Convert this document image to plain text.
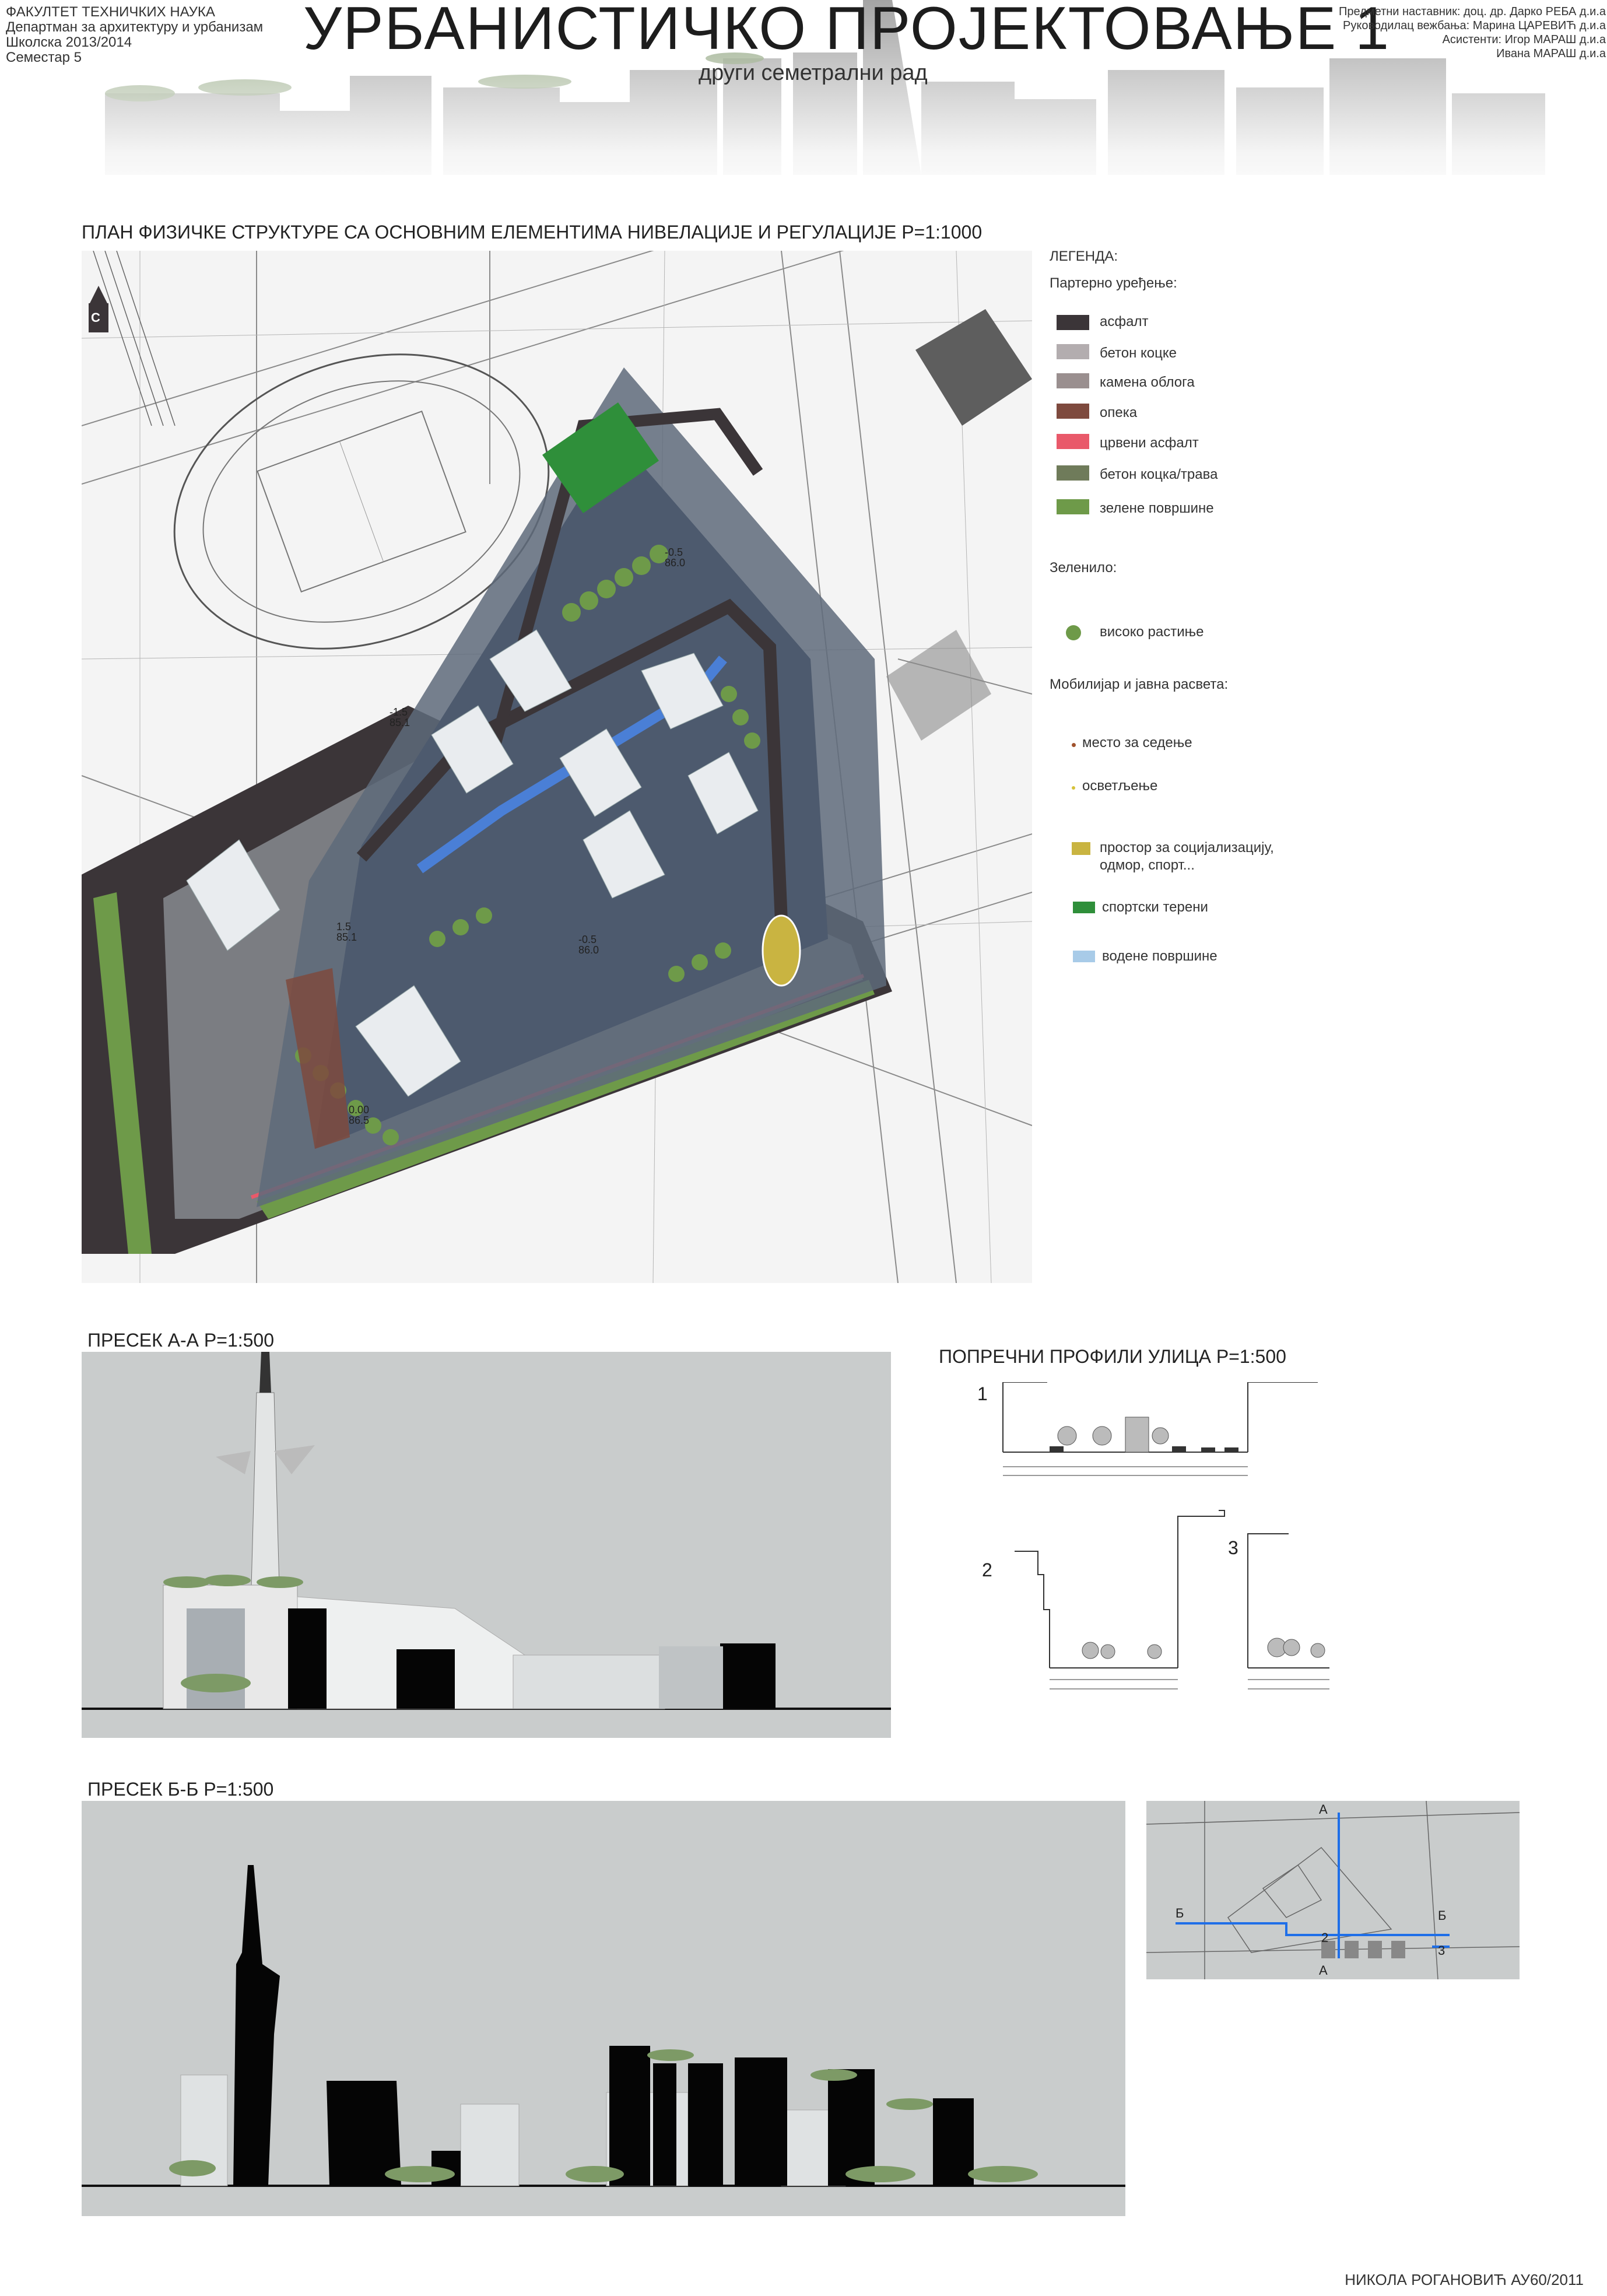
ФАКУЛТЕТ ТЕХНИЧКИХ НАУКА
Департман за архитектуру и урбанизам
Школска 2013/2014
Семестар 5	УРБАНИСТИЧКО ПРОЈЕКТОВАЊЕ 1
други семетрални рад
Предметни наставник: доц. др. Дарко РЕБА д.и.а
Руководилац вежбања: Марина ЦАРЕВИЋ д.и.а
Асистенти: Игор МАРАШ д.и.а
Ивана МАРАШ д.и.а
ПЛАН ФИЗИЧКЕ СТРУКТУРЕ СА ОСНОВНИМ ЕЛЕМЕНТИМА НИВЕЛАЦИЈЕ И РЕГУЛАЦИЈЕ Р=1:1000
С
-1.5
85.1
-0.5
86.0
1.5
85.1	-0.5
86.0
0.00
86.5
ЛЕГЕНДА:
Партерно уређење:
асфалт
бетон коцке
камена облога
опека
црвени асфалт
бетон коцка/трава
зелене површине
Зеленило:
високо растиње
Мобилијар и јавна расвета:
место за седење
осветљење
простор за социјализацију,
одмор, спорт...
спортски терени
водене површине
ПРЕСЕК А-А Р=1:500
ПОПРЕЧНИ ПРОФИЛИ УЛИЦА Р=1:500
1
2
3
ПРЕСЕК Б-Б Р=1:500
А
А
Б	Б
2
3
НИКОЛА РОГАНОВИЋ АУ60/2011
